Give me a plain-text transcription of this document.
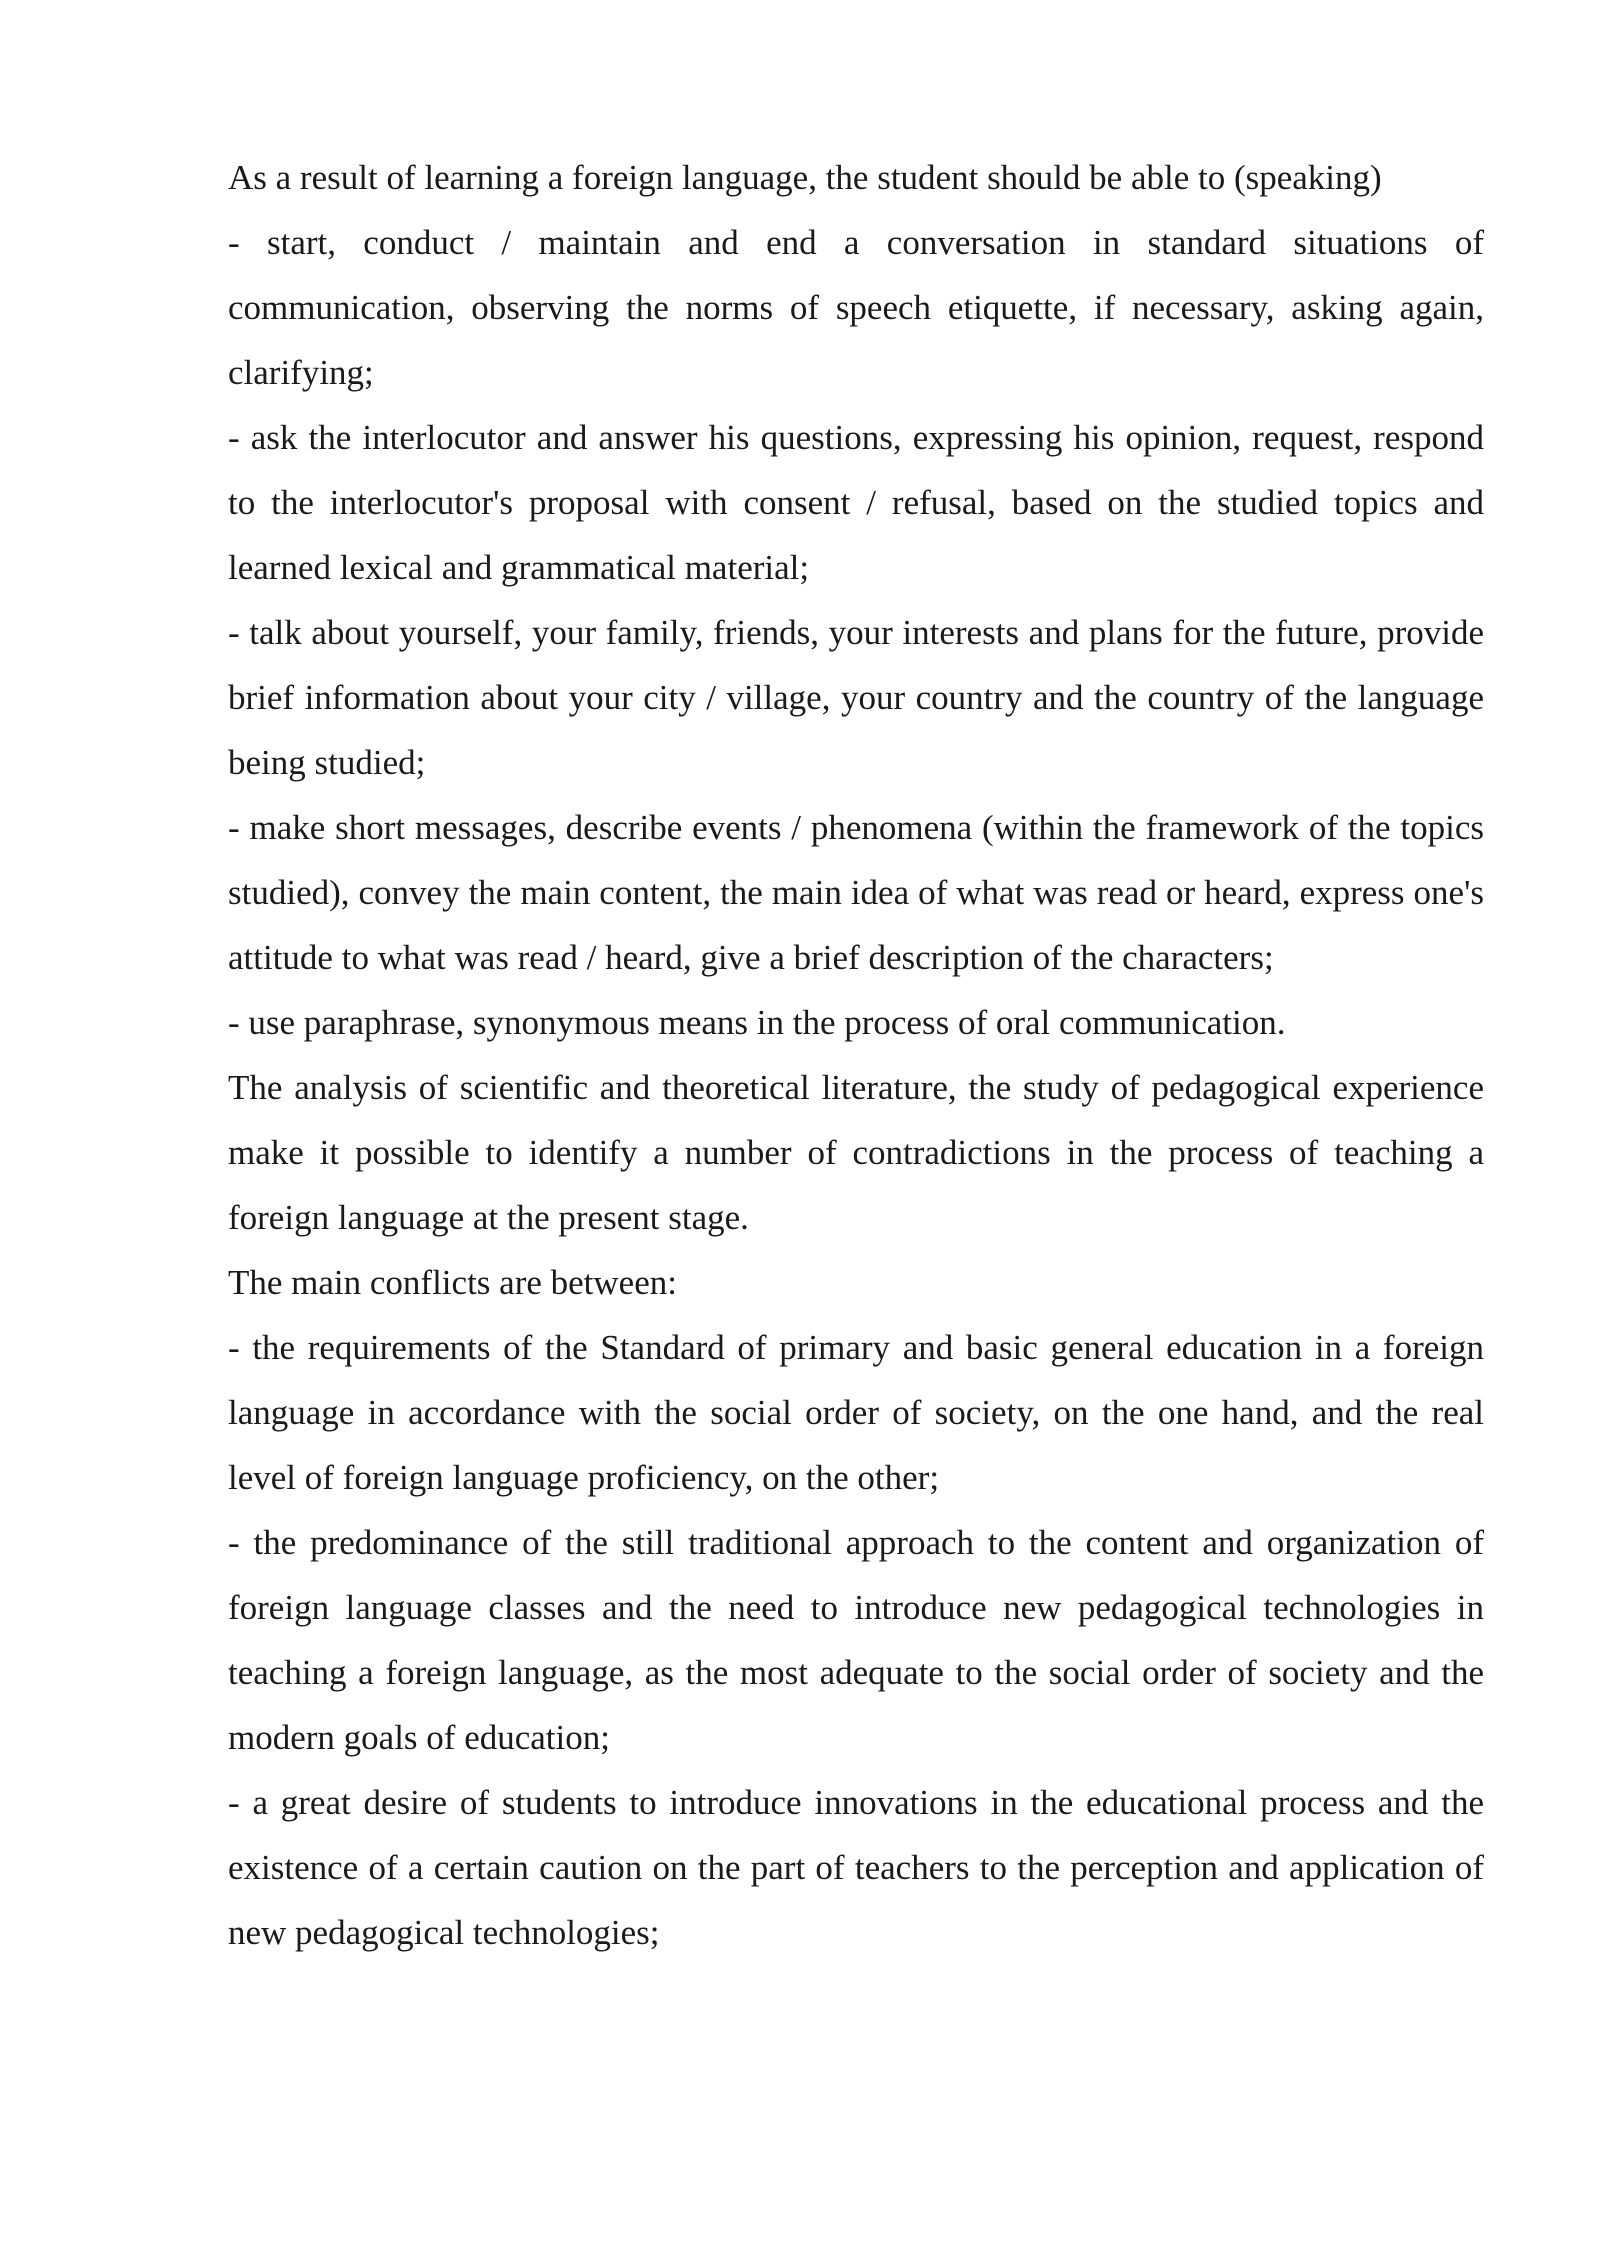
As a result of learning a foreign language, the student should be able to (speaking)

- start, conduct / maintain and end a conversation in standard situations of communication, observing the norms of speech etiquette, if necessary, asking again, clarifying;

- ask the interlocutor and answer his questions, expressing his opinion, request, respond to the interlocutor's proposal with consent / refusal, based on the studied topics and learned lexical and grammatical material;

- talk about yourself, your family, friends, your interests and plans for the future, provide brief information about your city / village, your country and the country of the language being studied;

- make short messages, describe events / phenomena (within the framework of the topics studied), convey the main content, the main idea of what was read or heard, express one's attitude to what was read / heard, give a brief description of the characters;

- use paraphrase, synonymous means in the process of oral communication.

The analysis of scientific and theoretical literature, the study of pedagogical experience make it possible to identify a number of contradictions in the process of teaching a foreign language at the present stage.

The main conflicts are between:

- the requirements of the Standard of primary and basic general education in a foreign language in accordance with the social order of society, on the one hand, and the real level of foreign language proficiency, on the other;

- the predominance of the still traditional approach to the content and organization of foreign language classes and the need to introduce new pedagogical technologies in teaching a foreign language, as the most adequate to the social order of society and the modern goals of education;

- a great desire of students to introduce innovations in the educational process and the existence of a certain caution on the part of teachers to the perception and application of new pedagogical technologies;
